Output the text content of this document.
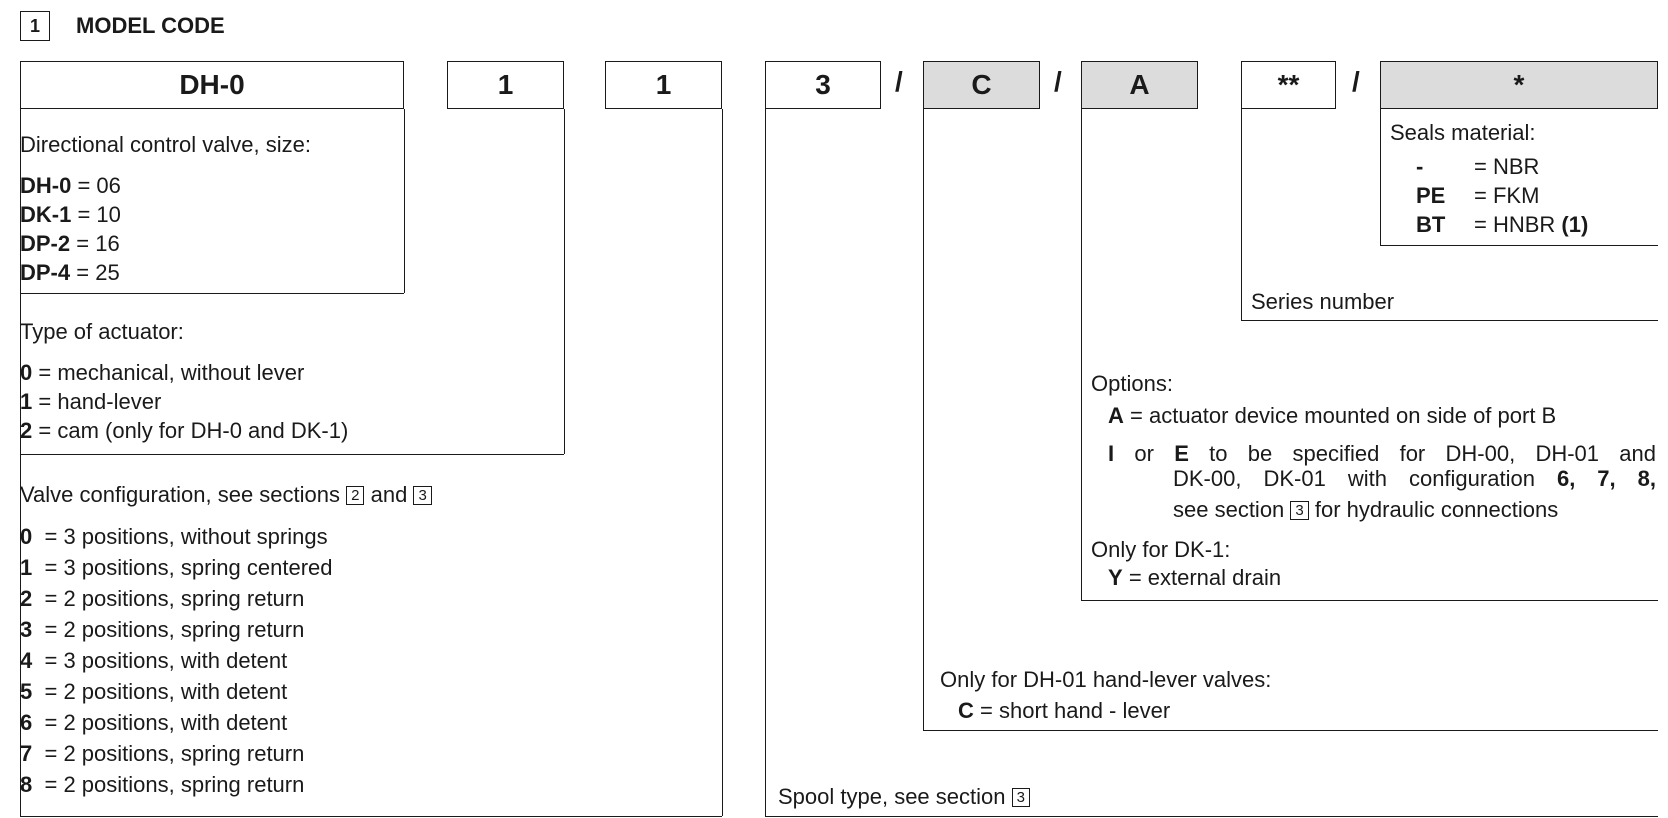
1	MODEL CODE
DH-0	1	1	3	/	C	/	A	**	/	*
Directional control valve, size:
DH-0 = 06
DK-1 = 10
DP-2 = 16
DP-4 = 25
Type of actuator:
0 = mechanical, without lever
1 = hand-lever
2 = cam (only for DH-0 and DK-1)
Valve configuration, see sections 2 and 3
0 = 3 positions, without springs
1 = 3 positions, spring centered
2 = 2 positions, spring return
3 = 2 positions, spring return
4 = 3 positions, with detent
5 = 2 positions, with detent
6 = 2 positions, with detent
7 = 2 positions, spring return
8 = 2 positions, spring return	Spool type, see section 3
Only for DH-01 hand-lever valves:
C = short hand - lever
Options:
A = actuator device mounted on side of port B
I or E to be specified for DH-00, DH-01 and
DK-00, DK-01 with configuration 6, 7, 8,
see section 3 for hydraulic connections
Only for DK-1:
Y = external drain
Series number
Seals material:
- = NBR
PE = FKM
BT = HNBR (1)
